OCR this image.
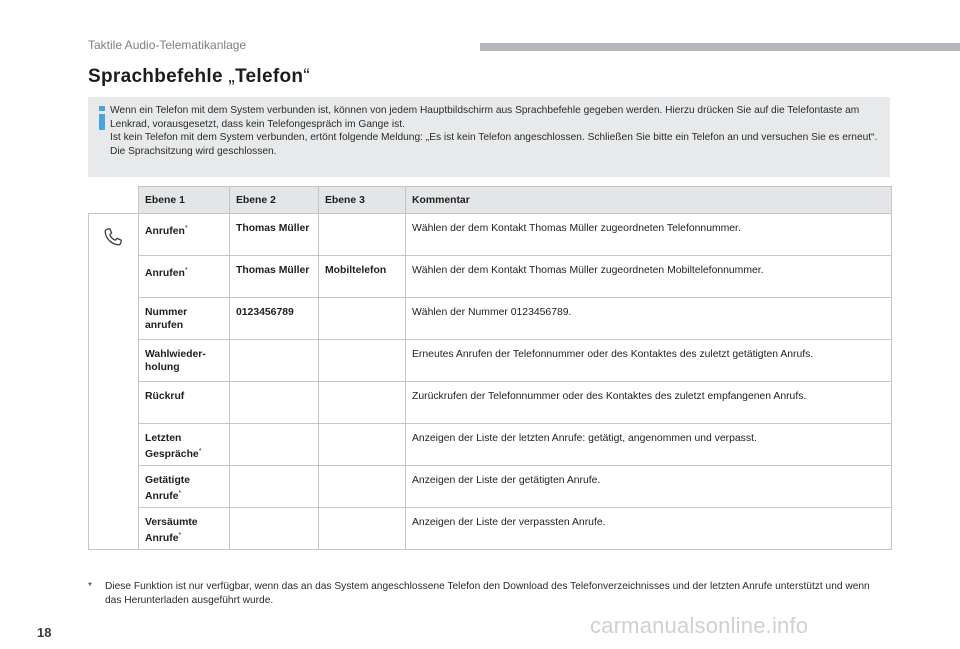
Taktile Audio-Telematikanlage
Sprachbefehle „Telefon“

Wenn ein Telefon mit dem System verbunden ist, können von jedem Hauptbildschirm aus Sprachbefehle gegeben werden. Hierzu drücken Sie auf die Telefontaste am Lenkrad, vorausgesetzt, dass kein Telefongespräch im Gange ist.

Ist kein Telefon mit dem System verbunden, ertönt folgende Meldung: „Es ist kein Telefon angeschlossen. Schließen Sie bitte ein Telefon an und versuchen Sie es erneut“. Die Sprachsitzung wird geschlossen.

	Ebene 1	Ebene 2	Ebene 3	Kommentar

	Anrufen*	Thomas Müller		Wählen der dem Kontakt Thomas Müller zugeordneten Telefonnummer.
	Anrufen*	Thomas Müller	Mobiltelefon	Wählen der dem Kontakt Thomas Müller zugeordneten Mobiltelefonnummer.
	Nummer
anrufen	0123456789		Wählen der Nummer 0123456789.
	Wahlwieder-
holung			Erneutes Anrufen der Telefonnummer oder des Kontaktes des zuletzt getätigten Anrufs.
	Rückruf			Zurückrufen der Telefonnummer oder des Kontaktes des zuletzt empfangenen Anrufs.
	Letzten
Gespräche*			Anzeigen der Liste der letzten Anrufe: getätigt, angenommen und verpasst.
	Getätigte
Anrufe*			Anzeigen der Liste der getätigten Anrufe.
	Versäumte
Anrufe*			Anzeigen der Liste der verpassten Anrufe.
* Diese Funktion ist nur verfügbar, wenn das an das System angeschlossene Telefon den Download des Telefonverzeichnisses und der letzten Anrufe unterstützt und wenn das Herunterladen ausgeführt wurde.
18	carmanualsonline.info
